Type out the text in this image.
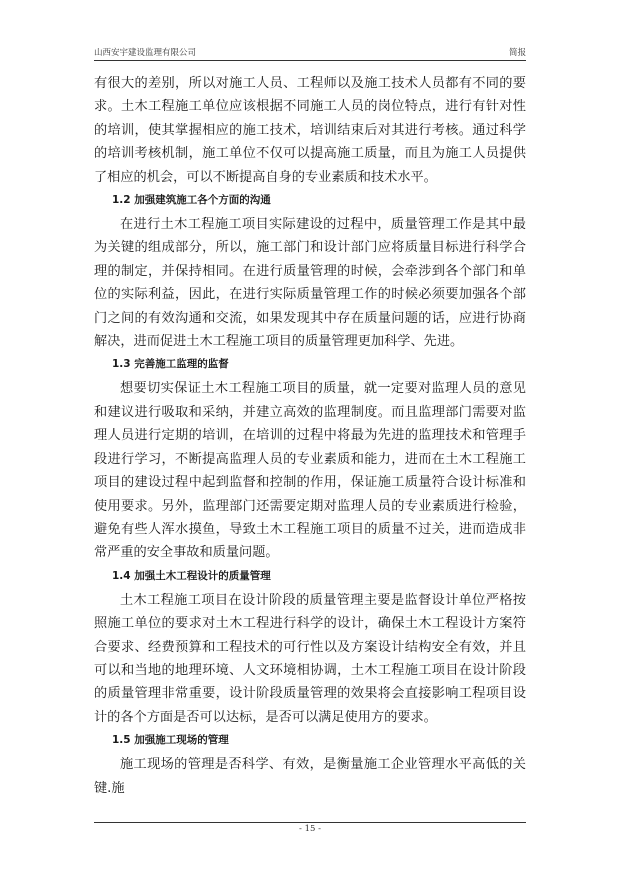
山西安宇建设监理有限公司	简报

有很大的差别，所以对施工人员、工程师以及施工技术人员都有不同的要求。土木工程施工单位应该根据不同施工人员的岗位特点，进行有针对性的培训，使其掌握相应的施工技术，培训结束后对其进行考核。通过科学的培训考核机制，施工单位不仅可以提高施工质量，而且为施工人员提供了相应的机会，可以不断提高自身的专业素质和技术水平。

1.2 加强建筑施工各个方面的沟通

在进行土木工程施工项目实际建设的过程中，质量管理工作是其中最为关键的组成部分，所以，施工部门和设计部门应将质量目标进行科学合理的制定，并保持相同。在进行质量管理的时候，会牵涉到各个部门和单位的实际利益，因此，在进行实际质量管理工作的时候必须要加强各个部门之间的有效沟通和交流，如果发现其中存在质量问题的话，应进行协商解决，进而促进土木工程施工项目的质量管理更加科学、先进。

1.3 完善施工监理的监督

想要切实保证土木工程施工项目的质量，就一定要对监理人员的意见和建议进行吸取和采纳，并建立高效的监理制度。而且监理部门需要对监理人员进行定期的培训，在培训的过程中将最为先进的监理技术和管理手段进行学习，不断提高监理人员的专业素质和能力，进而在土木工程施工项目的建设过程中起到监督和控制的作用，保证施工质量符合设计标准和使用要求。另外，监理部门还需要定期对监理人员的专业素质进行检验，避免有些人浑水摸鱼，导致土木工程施工项目的质量不过关，进而造成非常严重的安全事故和质量问题。

1.4 加强土木工程设计的质量管理

土木工程施工项目在设计阶段的质量管理主要是监督设计单位严格按照施工单位的要求对土木工程进行科学的设计，确保土木工程设计方案符合要求、经费预算和工程技术的可行性以及方案设计结构安全有效，并且可以和当地的地理环境、人文环境相协调，土木工程施工项目在设计阶段的质量管理非常重要，设计阶段质量管理的效果将会直接影响工程项目设计的各个方面是否可以达标，是否可以满足使用方的要求。

1.5 加强施工现场的管理

施工现场的管理是否科学、有效，是衡量施工企业管理水平高低的关键.施

- 15 -
